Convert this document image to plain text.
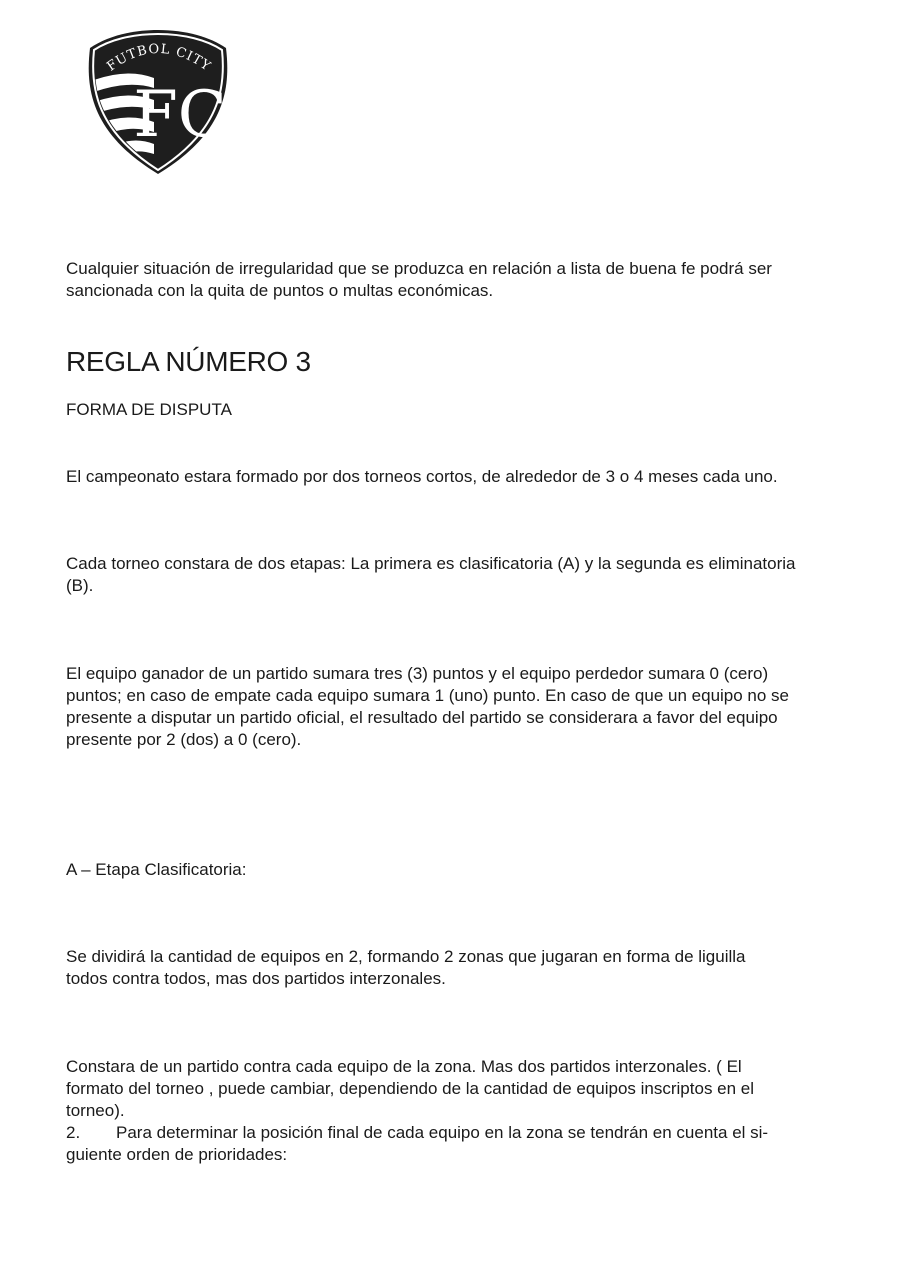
FUTBOL CITY
FC

Cualquier situación de irregularidad que se produzca en relación a lista de buena fe podrá ser
sancionada con la quita de puntos o multas económicas.

REGLA NÚMERO 3

FORMA DE DISPUTA

El campeonato estara formado por dos torneos cortos, de alrededor de 3 o 4 meses cada uno.

Cada torneo constara de dos etapas: La primera es clasificatoria (A) y la segunda es eliminatoria
(B).

El equipo ganador de un partido sumara tres (3) puntos y el equipo perdedor sumara 0 (cero)
puntos; en caso de empate cada equipo sumara 1 (uno) punto. En caso de que un equipo no se
presente a disputar un partido oficial, el resultado del partido se considerara a favor del equipo
presente por 2 (dos) a 0 (cero).

A – Etapa Clasificatoria:

Se dividirá la cantidad de equipos en 2, formando 2 zonas que jugaran en forma de liguilla
todos contra todos, mas dos partidos interzonales.

Constara de un partido contra cada equipo de la zona. Mas dos partidos interzonales. ( El
formato del torneo , puede cambiar, dependiendo de la cantidad de equipos inscriptos en el
torneo).
2. Para determinar la posición final de cada equipo en la zona se tendrán en cuenta el si-
guiente orden de prioridades:
